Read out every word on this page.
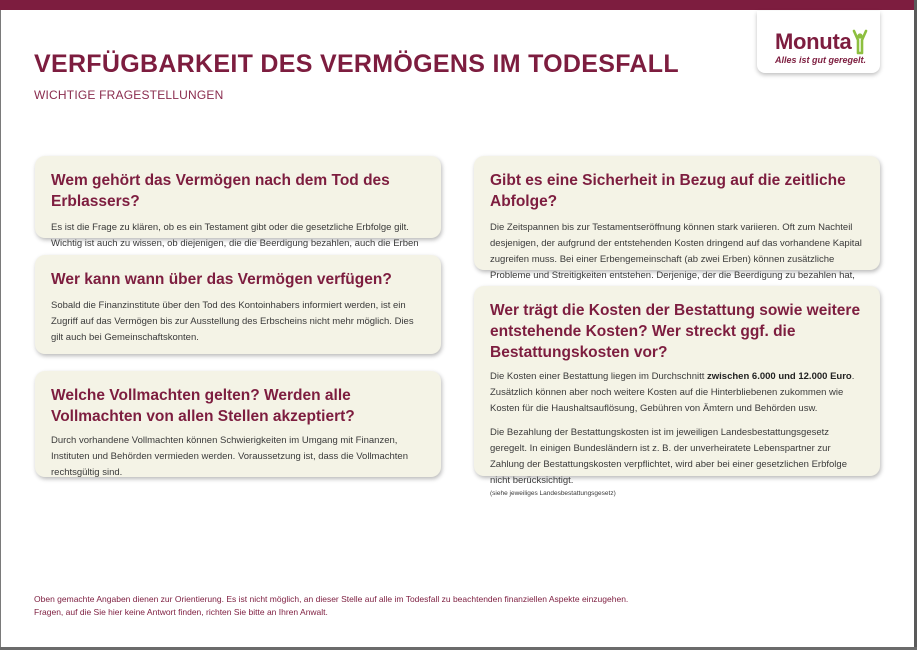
VERFÜGBARKEIT DES VERMÖGENS IM TODESFALL
WICHTIGE FRAGESTELLUNGEN
Monuta
Alles ist gut geregelt.
Wem gehört das Vermögen nach dem Tod des Erblassers?

Es ist die Frage zu klären, ob es ein Testament gibt oder die gesetzliche Erbfolge gilt. Wichtig ist auch zu wissen, ob diejenigen, die die Beerdigung bezahlen, auch die Erben

Wer kann wann über das Vermögen verfügen?

Sobald die Finanzinstitute über den Tod des Kontoinhabers informiert werden, ist ein Zugriff auf das Vermögen bis zur Ausstellung des Erbscheins nicht mehr möglich. Dies gilt auch bei Gemeinschaftskonten.

Welche Vollmachten gelten? Werden alle Vollmachten von allen Stellen akzeptiert?

Durch vorhandene Vollmachten können Schwierigkeiten im Umgang mit Finanzen, Instituten und Behörden vermieden werden. Voraussetzung ist, dass die Vollmachten rechtsgültig sind.

Gibt es eine Sicherheit in Bezug auf die zeitliche Abfolge?

Die Zeitspannen bis zur Testamentseröffnung können stark variieren. Oft zum Nachteil desjenigen, der aufgrund der entstehenden Kosten dringend auf das vorhandene Kapital zugreifen muss. Bei einer Erbengemeinschaft (ab zwei Erben) können zusätzliche Probleme und Streitigkeiten entstehen. Derjenige, der die Beerdigung zu bezahlen hat,

Wer trägt die Kosten der Bestattung sowie weitere entstehende Kosten? Wer streckt ggf. die Bestattungskosten vor?

Die Kosten einer Bestattung liegen im Durchschnitt zwischen 6.000 und 12.000 Euro. Zusätzlich können aber noch weitere Kosten auf die Hinterbliebenen zukommen wie Kosten für die Haushaltsauflösung, Gebühren von Ämtern und Behörden usw.

Die Bezahlung der Bestattungskosten ist im jeweiligen Landesbestattungsgesetz geregelt. In einigen Bundesländern ist z. B. der unverheiratete Lebenspartner zur Zahlung der Bestattungskosten verpflichtet, wird aber bei einer gesetzlichen Erbfolge nicht berücksichtigt.

(siehe jeweiliges Landesbestattungsgesetz)

Oben gemachte Angaben dienen zur Orientierung. Es ist nicht möglich, an dieser Stelle auf alle im Todesfall zu beachtenden finanziellen Aspekte einzugehen.
Fragen, auf die Sie hier keine Antwort finden, richten Sie bitte an Ihren Anwalt.
